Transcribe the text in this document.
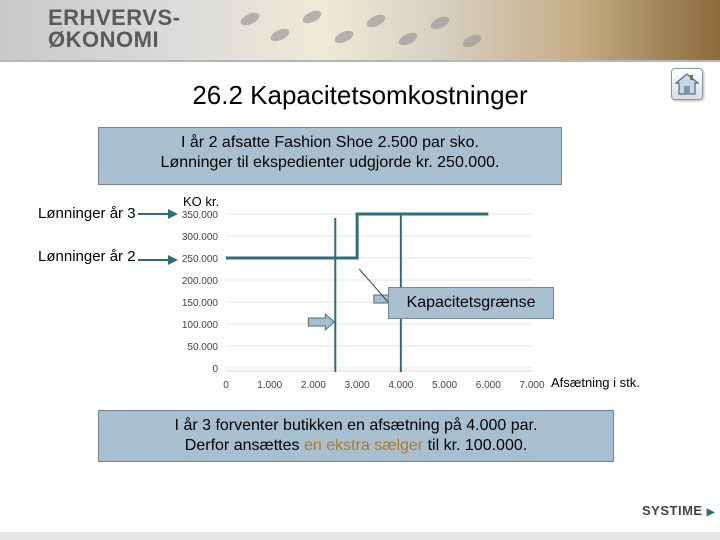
ERHVERVS-
ØKONOMI
26.2 Kapacitetsomkostninger
I år 2 afsatte Fashion Shoe 2.500 par sko.
Lønninger til ekspedienter udgjorde kr. 250.000.
Lønninger år 3
Lønninger år 2
KO kr.
0
50.000
100.000
150.000
200.000
250.000
300.000
350.000
0	1.000 2.000 3.000 4.000 5.000 6.000 7.000 Afsætning i stk.
Kapacitetsgrænse
I år 3 forventer butikken en afsætning på 4.000 par.
Derfor ansættes en ekstra sælger til kr. 100.000.
SYSTIME ▶
